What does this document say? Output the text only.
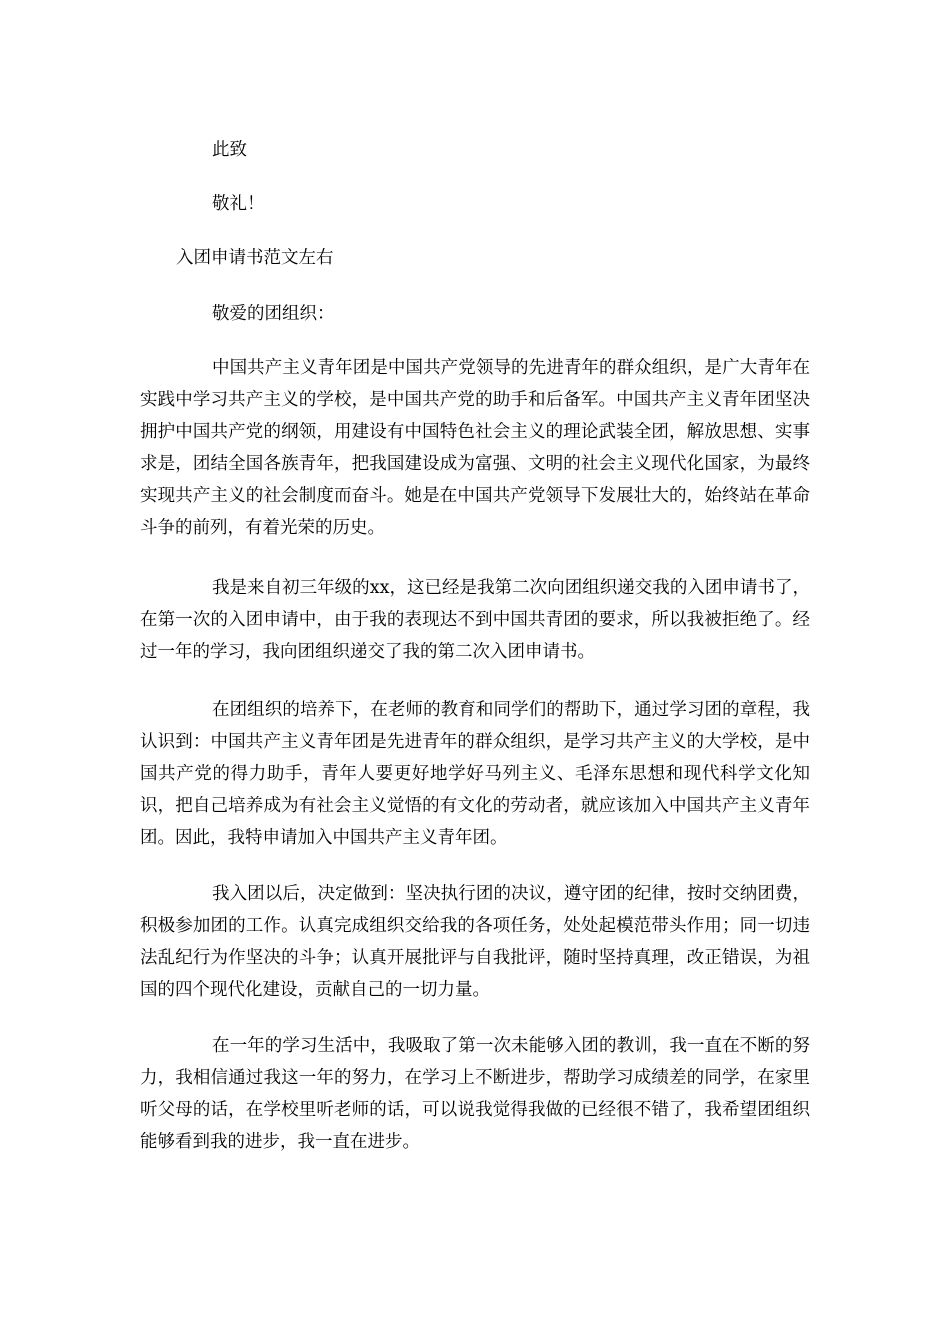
此致
敬礼！
入团申请书范文左右
敬爱的团组织：

中国共产主义青年团是中国共产党领导的先进青年的群众组织，是广大青年在实践中学习共产主义的学校，是中国共产党的助手和后备军。中国共产主义青年团坚决拥护中国共产党的纲领，用建设有中国特色社会主义的理论武装全团，解放思想、实事求是，团结全国各族青年，把我国建设成为富强、文明的社会主义现代化国家，为最终实现共产主义的社会制度而奋斗。她是在中国共产党领导下发展壮大的，始终站在革命斗争的前列，有着光荣的历史。

我是来自初三年级的xx，这已经是我第二次向团组织递交我的入团申请书了，在第一次的入团申请中，由于我的表现达不到中国共青团的要求，所以我被拒绝了。经过一年的学习，我向团组织递交了我的第二次入团申请书。

在团组织的培养下，在老师的教育和同学们的帮助下，通过学习团的章程，我认识到：中国共产主义青年团是先进青年的群众组织，是学习共产主义的大学校，是中国共产党的得力助手，青年人要更好地学好马列主义、毛泽东思想和现代科学文化知识，把自己培养成为有社会主义觉悟的有文化的劳动者，就应该加入中国共产主义青年团。因此，我特申请加入中国共产主义青年团。

我入团以后，决定做到：坚决执行团的决议，遵守团的纪律，按时交纳团费，积极参加团的工作。认真完成组织交给我的各项任务，处处起模范带头作用；同一切违法乱纪行为作坚决的斗争；认真开展批评与自我批评，随时坚持真理，改正错误，为祖国的四个现代化建设，贡献自己的一切力量。

在一年的学习生活中，我吸取了第一次未能够入团的教训，我一直在不断的努力，我相信通过我这一年的努力，在学习上不断进步，帮助学习成绩差的同学，在家里听父母的话，在学校里听老师的话，可以说我觉得我做的已经很不错了，我希望团组织能够看到我的进步，我一直在进步。
